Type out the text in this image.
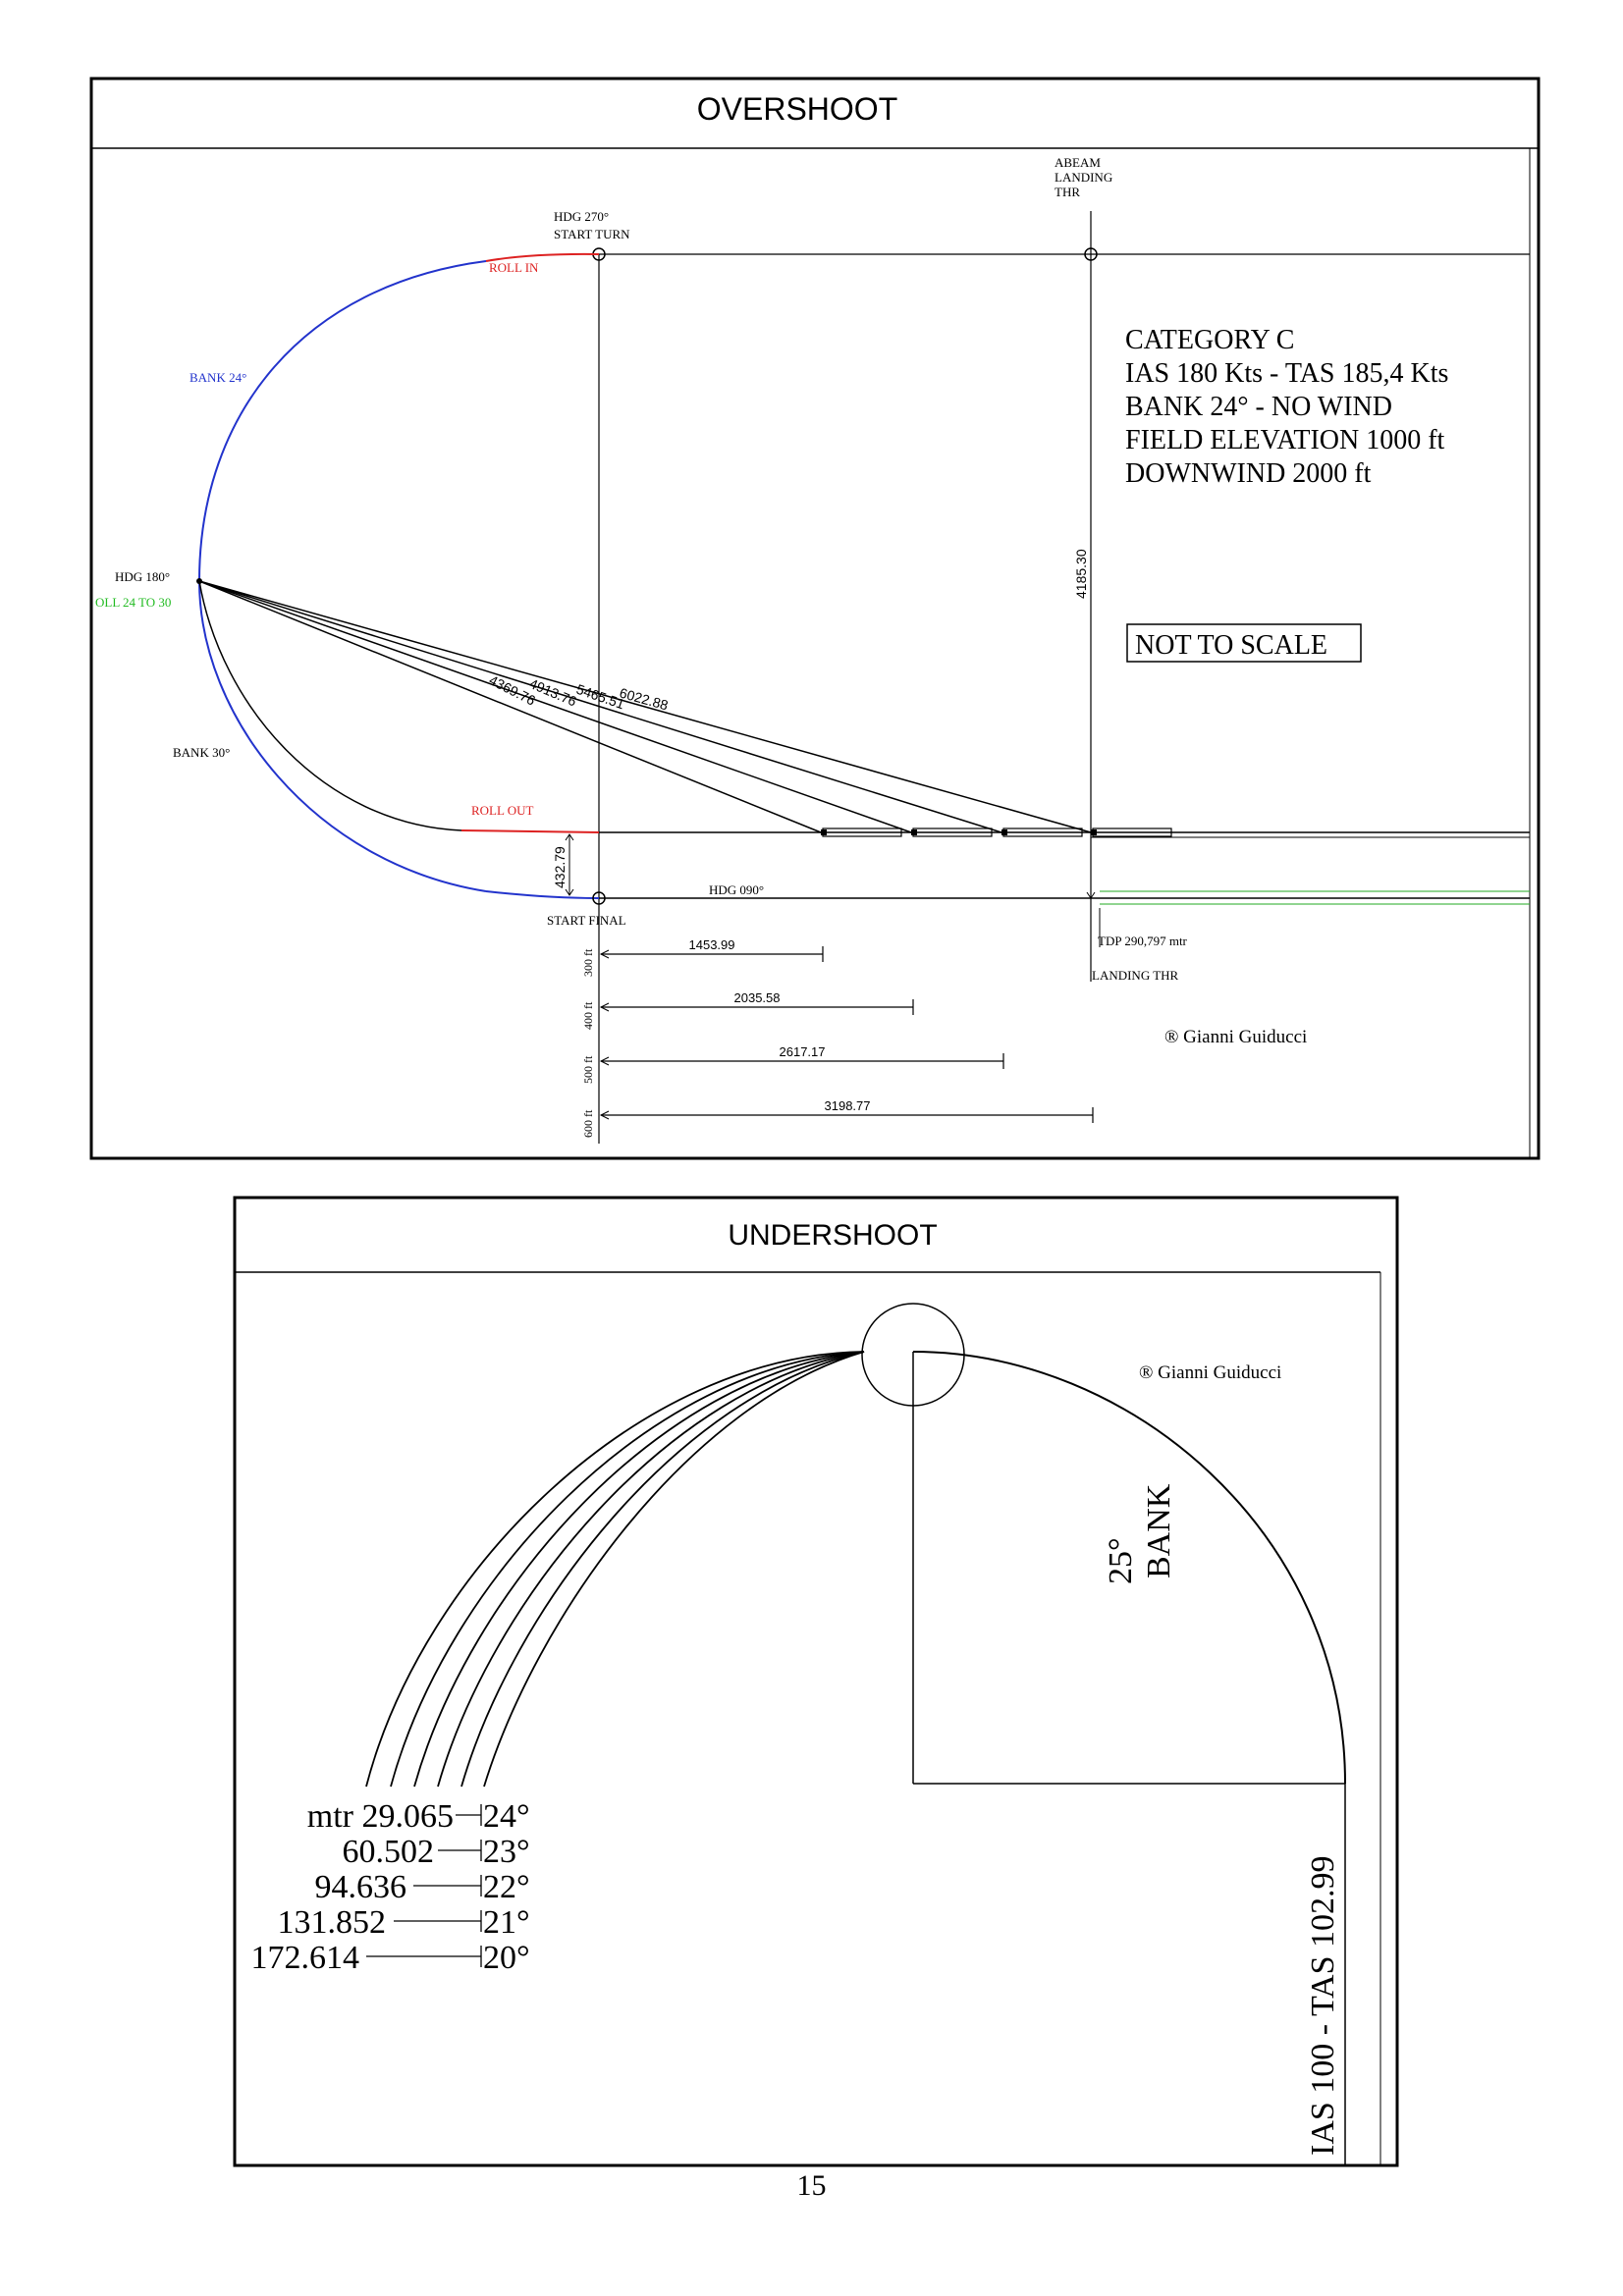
OVERSHOOT
6022.88
5465.51
4913.76
4369.76
432.79
4185.30
ABEAM
LANDING
THR
HDG 270°
START TURN
ROLL IN
BANK 24°
HDG 180°
OLL 24 TO 30
BANK 30°
ROLL OUT
START FINAL
HDG 090°
TDP 290,797 mtr
LANDING THR
® Gianni Guiducci
CATEGORY C
IAS 180 Kts - TAS 185,4 Kts
BANK 24° - NO WIND
FIELD ELEVATION 1000 ft
DOWNWIND 2000 ft
NOT TO SCALE
1453.99
2035.58
2617.17
3198.77
300 ft
400 ft
500 ft
600 ft
UNDERSHOOT
® Gianni Guiducci
25° BANK
IAS 100 - TAS 102.99
mtr 29.065 24°
60.502 23°
94.636 22°
131.852	21°
172.614	20°
15
